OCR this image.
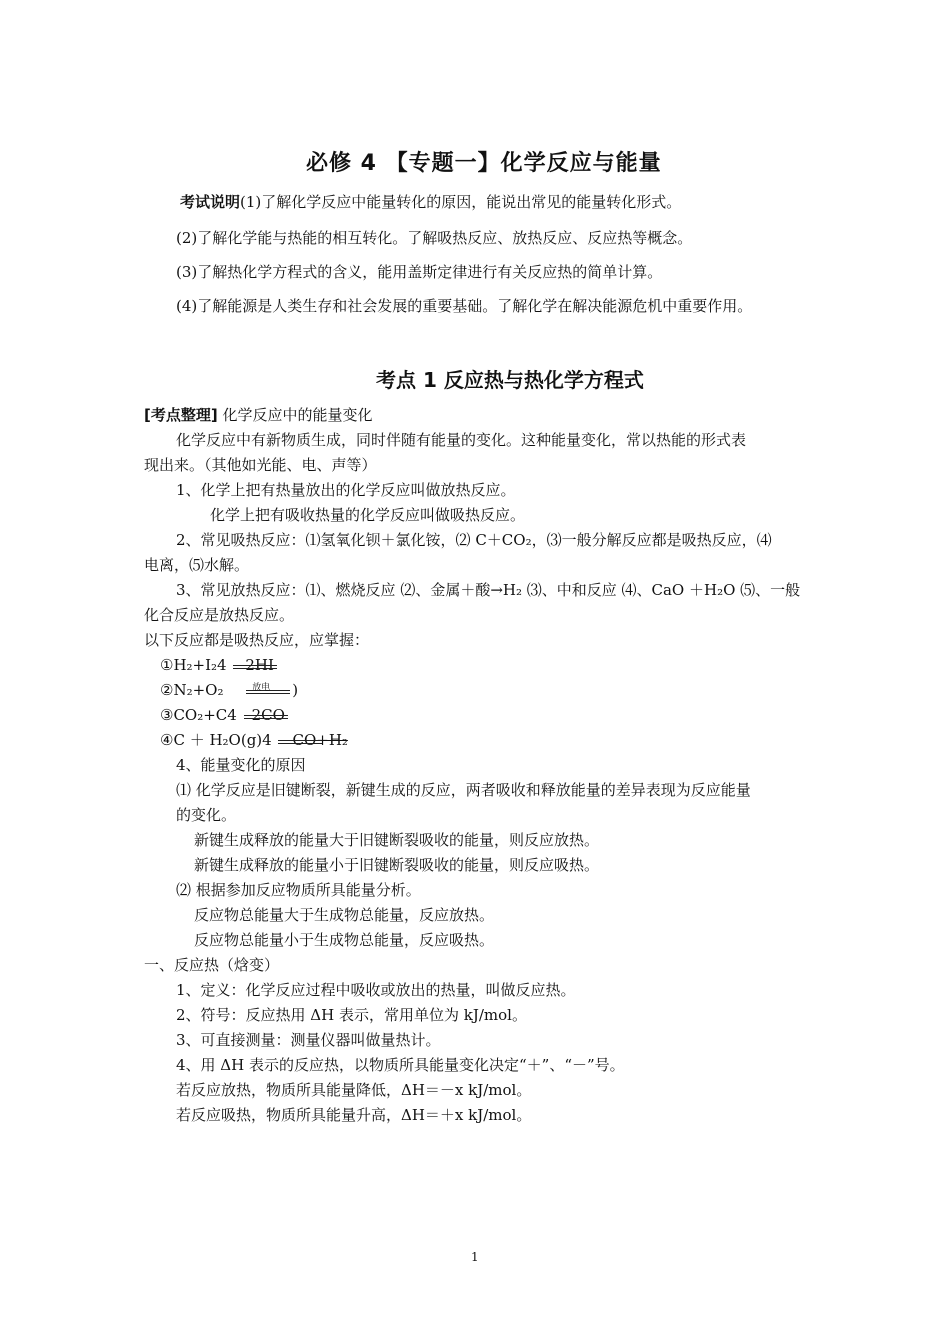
必修 4 【专题一】化学反应与能量
考试说明(1)了解化学反应中能量转化的原因，能说出常见的能量转化形式。
(2)了解化学能与热能的相互转化。了解吸热反应、放热反应、反应热等概念。
(3)了解热化学方程式的含义，能用盖斯定律进行有关反应热的简单计算。
(4)了解能源是人类生存和社会发展的重要基础。了解化学在解决能源危机中重要作用。
考点 1 反应热与热化学方程式
[考点整理] 化学反应中的能量变化
化学反应中有新物质生成，同时伴随有能量的变化。这种能量变化，常以热能的形式表
现出来。（其他如光能、电、声等）
1、化学上把有热量放出的化学反应叫做放热反应。
化学上把有吸收热量的化学反应叫做吸热反应。
2、常见吸热反应：⑴氢氧化钡＋氯化铵，⑵ C＋CO₂，⑶一般分解反应都是吸热反应，⑷
电离，⑸水解。
3、常见放热反应：⑴、燃烧反应 ⑵、金属＋酸→H₂ ⑶、中和反应 ⑷、CaO ＋H₂O ⑸、一般
化合反应是放热反应。
以下反应都是吸热反应，应掌握：
①H₂+I₂4 2HI
②N₂+O₂	放电 )
③CO₂+C4 2CO
④C ＋ H₂O(g)4 CO+H₂
4、能量变化的原因
⑴ 化学反应是旧键断裂，新键生成的反应，两者吸收和释放能量的差异表现为反应能量
的变化。
新键生成释放的能量大于旧键断裂吸收的能量，则反应放热。
新键生成释放的能量小于旧键断裂吸收的能量，则反应吸热。
⑵ 根据参加反应物质所具能量分析。
反应物总能量大于生成物总能量，反应放热。
反应物总能量小于生成物总能量，反应吸热。
一、反应热（焓变）
1、定义：化学反应过程中吸收或放出的热量，叫做反应热。
2、符号：反应热用 ΔH 表示，常用单位为 kJ/mol。
3、可直接测量：测量仪器叫做量热计。
4、用 ΔH 表示的反应热，以物质所具能量变化决定“＋”、“－”号。
若反应放热，物质所具能量降低，ΔH＝－x kJ/mol。
若反应吸热，物质所具能量升高，ΔH＝＋x kJ/mol。
1
